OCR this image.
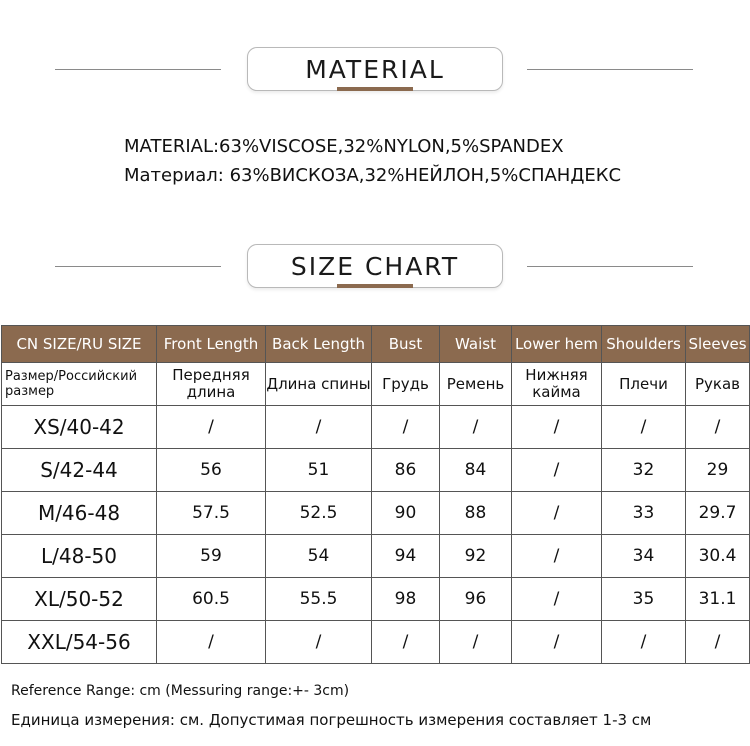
MATERIAL
MATERIAL:63%VISCOSE,32%NYLON,5%SPANDEX
Материал: 63%ВИСКОЗА,32%НЕЙЛОН,5%СПАНДЕКС
SIZE CHART
CN SIZE/RU SIZE	Front Length	Back Length	Bust	Waist	Lower hem	Shoulders	Sleeves
Размер/Российский размер	Передняя длина	Длина спины	Грудь	Ремень	Нижняя кайма	Плечи	Рукав
XS/40-42	/	/	/	/	/	/	/
S/42-44	56	51	86	84	/	32	29
M/46-48	57.5	52.5	90	88	/	33	29.7
L/48-50	59	54	94	92	/	34	30.4
XL/50-52	60.5	55.5	98	96	/	35	31.1
XXL/54-56	/	/	/	/	/	/	/
Reference Range: cm (Messuring range:+- 3cm)
Единица измерения: см. Допустимая погрешность измерения составляет 1-3 см
